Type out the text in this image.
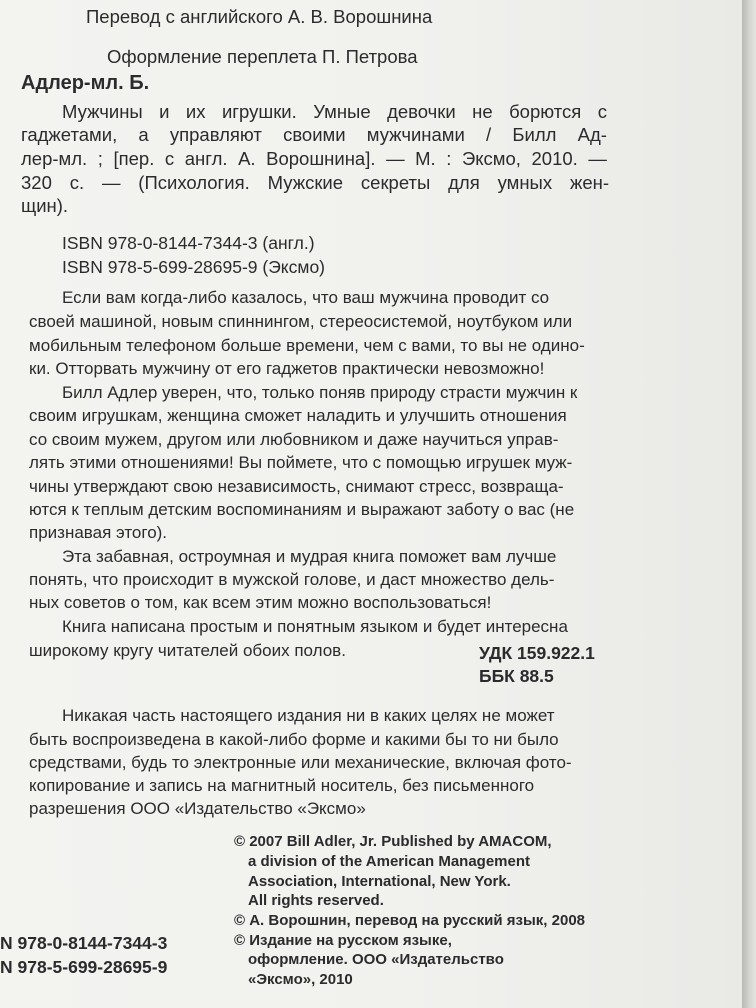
Перевод с английского А. В. Ворошнина
Оформление переплета П. Петрова
Адлер-мл. Б.
Мужчины и их игрушки. Умные девочки не борются с
гаджетами, а управляют своими мужчинами / Билл Ад-
лер-мл. ; [пер. с англ. А. Ворошнина]. — М. : Эксмо, 2010. —
320 с. — (Психология. Мужские секреты для умных жен-
щин).
ISBN 978-0-8144-7344-3 (англ.)
ISBN 978-5-699-28695-9 (Эксмо)
Если вам когда-либо казалось, что ваш мужчина проводит со
своей машиной, новым спиннингом, стереосистемой, ноутбуком или
мобильным телефоном больше времени, чем с вами, то вы не одино-
ки. Отторвать мужчину от его гаджетов практически невозможно!
Билл Адлер уверен, что, только поняв природу страсти мужчин к
своим игрушкам, женщина сможет наладить и улучшить отношения
со своим мужем, другом или любовником и даже научиться управ-
лять этими отношениями! Вы поймете, что с помощью игрушек муж-
чины утверждают свою независимость, снимают стресс, возвраща-
ются к теплым детским воспоминаниям и выражают заботу о вас (не
признавая этого).
Эта забавная, остроумная и мудрая книга поможет вам лучше
понять, что происходит в мужской голове, и даст множество дель-
ных советов о том, как всем этим можно воспользоваться!
Книга написана простым и понятным языком и будет интересна
широкому кругу читателей обоих полов.	УДК 159.922.1
ББК 88.5
Никакая часть настоящего издания ни в каких целях не может
быть воспроизведена в какой-либо форме и какими бы то ни было
средствами, будь то электронные или механические, включая фото-
копирование и запись на магнитный носитель, без письменного
разрешения ООО «Издательство «Эксмо»
© 2007 Bill Adler, Jr. Published by AMACOM,
a division of the American Management
Association, International, New York.
All rights reserved.
© А. Ворошнин, перевод на русский язык, 2008
© Издание на русском языке,
оформление. ООО «Издательство
«Эксмо», 2010
N 978-0-8144-7344-3
N 978-5-699-28695-9
